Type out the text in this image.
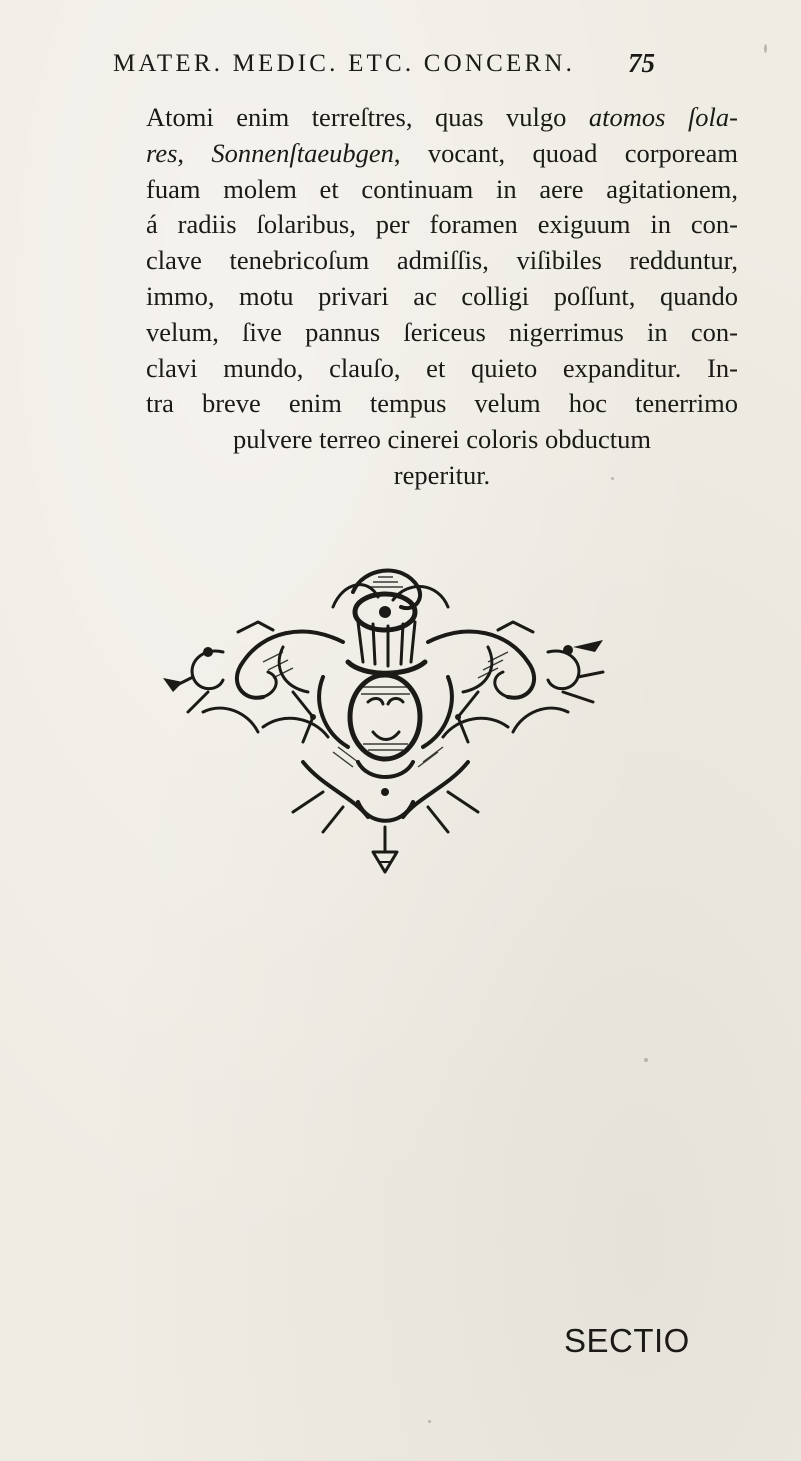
MATER. MEDIC. ETC. CONCERN. 75
Atomi enim terreſtres, quas vulgo atomos ſola-
res, Sonnenſtaeubgen, vocant, quoad corpoream
fuam molem et continuam in aere agitationem,
á radiis ſolaribus, per foramen exiguum in con-
clave tenebricoſum admiſſis, viſibiles redduntur,
immo, motu privari ac colligi poſſunt, quando
velum, ſive pannus ſericeus nigerrimus in con-
clavi mundo, clauſo, et quieto expanditur. In-
tra breve enim tempus velum hoc tenerrimo
pulvere terreo cinerei coloris obductum
reperitur.
SECTIO
